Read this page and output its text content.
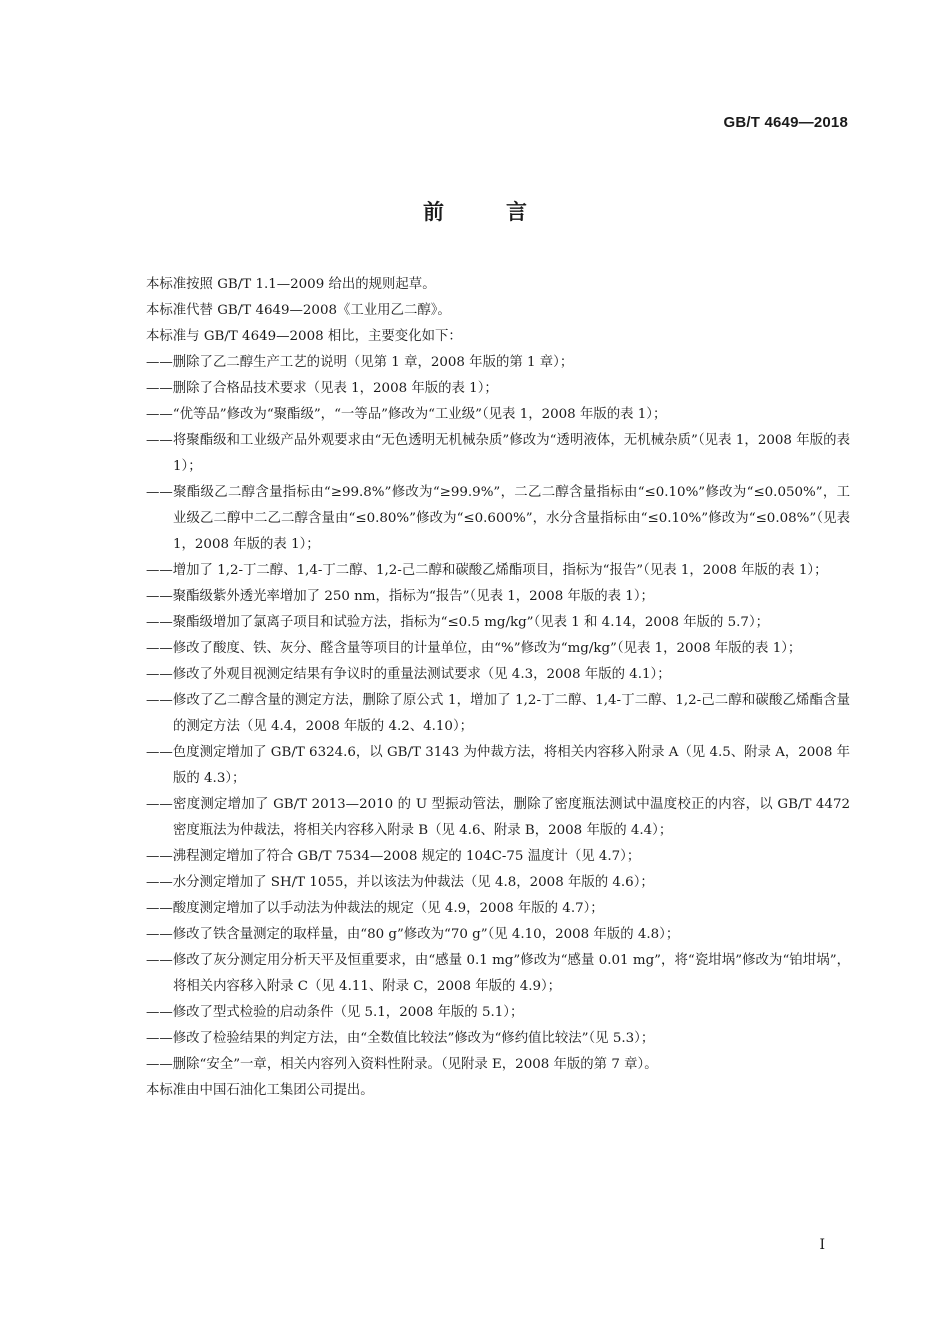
GB/T 4649—2018
前言

本标准按照 GB/T 1.1—2009 给出的规则起草。

本标准代替 GB/T 4649—2008《工业用乙二醇》。

本标准与 GB/T 4649—2008 相比，主要变化如下：

——删除了乙二醇生产工艺的说明（见第 1 章，2008 年版的第 1 章）；

——删除了合格品技术要求（见表 1，2008 年版的表 1）；

——“优等品”修改为“聚酯级”，“一等品”修改为“工业级”（见表 1，2008 年版的表 1）；

——将聚酯级和工业级产品外观要求由“无色透明无机械杂质”修改为“透明液体，无机械杂质”（见表 1，2008 年版的表 1）；

——聚酯级乙二醇含量指标由“≥99.8%”修改为“≥99.9%”，二乙二醇含量指标由“≤0.10%”修改为“≤0.050%”，工业级乙二醇中二乙二醇含量由“≤0.80%”修改为“≤0.600%”，水分含量指标由“≤0.10%”修改为“≤0.08%”（见表 1，2008 年版的表 1）；

——增加了 1,2-丁二醇、1,4-丁二醇、1,2-己二醇和碳酸乙烯酯项目，指标为“报告”（见表 1，2008 年版的表 1）；

——聚酯级紫外透光率增加了 250 nm，指标为“报告”（见表 1，2008 年版的表 1）；

——聚酯级增加了氯离子项目和试验方法，指标为“≤0.5 mg/kg”（见表 1 和 4.14，2008 年版的 5.7）；

——修改了酸度、铁、灰分、醛含量等项目的计量单位，由“%”修改为“mg/kg”（见表 1，2008 年版的表 1）；

——修改了外观目视测定结果有争议时的重量法测试要求（见 4.3，2008 年版的 4.1）；

——修改了乙二醇含量的测定方法，删除了原公式 1，增加了 1,2-丁二醇、1,4-丁二醇、1,2-己二醇和碳酸乙烯酯含量的测定方法（见 4.4，2008 年版的 4.2、4.10）；

——色度测定增加了 GB/T 6324.6，以 GB/T 3143 为仲裁方法，将相关内容移入附录 A（见 4.5、附录 A，2008 年版的 4.3）；

——密度测定增加了 GB/T 2013—2010 的 U 型振动管法，删除了密度瓶法测试中温度校正的内容，以 GB/T 4472 密度瓶法为仲裁法，将相关内容移入附录 B（见 4.6、附录 B，2008 年版的 4.4）；

——沸程测定增加了符合 GB/T 7534—2008 规定的 104C-75 温度计（见 4.7）；

——水分测定增加了 SH/T 1055，并以该法为仲裁法（见 4.8，2008 年版的 4.6）；

——酸度测定增加了以手动法为仲裁法的规定（见 4.9，2008 年版的 4.7）；

——修改了铁含量测定的取样量，由“80 g”修改为“70 g”（见 4.10，2008 年版的 4.8）；

——修改了灰分测定用分析天平及恒重要求，由“感量 0.1 mg”修改为“感量 0.01 mg”，将“瓷坩埚”修改为“铂坩埚”，将相关内容移入附录 C（见 4.11、附录 C，2008 年版的 4.9）；

——修改了型式检验的启动条件（见 5.1，2008 年版的 5.1）；

——修改了检验结果的判定方法，由“全数值比较法”修改为“修约值比较法”（见 5.3）；

——删除“安全”一章，相关内容列入资料性附录。（见附录 E，2008 年版的第 7 章）。

本标准由中国石油化工集团公司提出。

I
